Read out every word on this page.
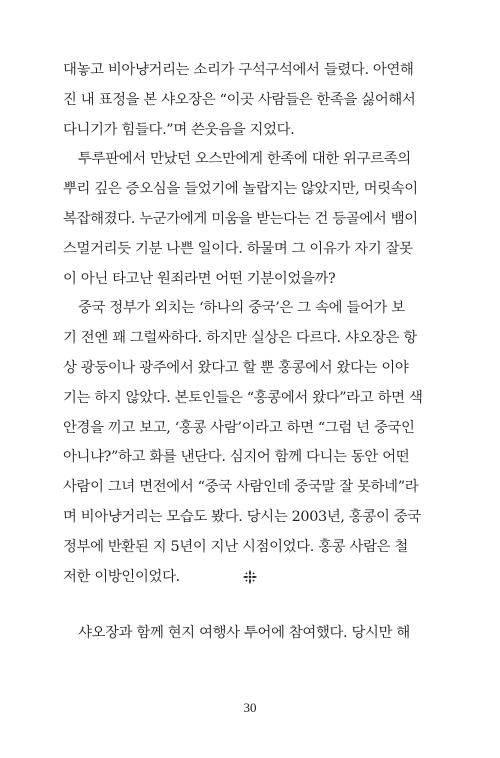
대놓고 비아냥거리는 소리가 구석구석에서 들렸다. 아연해
진 내 표정을 본 샤오장은 “이곳 사람들은 한족을 싫어해서
다니기가 힘들다.”며 쓴웃음을 지었다.
투루판에서 만났던 오스만에게 한족에 대한 위구르족의
뿌리 깊은 증오심을 들었기에 놀랍지는 않았지만, 머릿속이
복잡해졌다. 누군가에게 미움을 받는다는 건 등골에서 뱀이
스멀거리듯 기분 나쁜 일이다. 하물며 그 이유가 자기 잘못
이 아닌 타고난 원죄라면 어떤 기분이었을까?
중국 정부가 외치는 ‘하나의 중국’은 그 속에 들어가 보
기 전엔 꽤 그럴싸하다. 하지만 실상은 다르다. 샤오장은 항
상 광둥이나 광주에서 왔다고 할 뿐 홍콩에서 왔다는 이야
기는 하지 않았다. 본토인들은 “홍콩에서 왔다”라고 하면 색
안경을 끼고 보고, ‘홍콩 사람’이라고 하면 “그럼 넌 중국인
아니냐?”하고 화를 낸단다. 심지어 함께 다니는 동안 어떤
사람이 그녀 면전에서 “중국 사람인데 중국말 잘 못하네”라
며 비아냥거리는 모습도 봤다. 당시는 2003년, 홍콩이 중국
정부에 반환된 지 5년이 지난 시점이었다. 홍콩 사람은 철
저한 이방인이었다.
샤오장과 함께 현지 여행사 투어에 참여했다. 당시만 해
30
